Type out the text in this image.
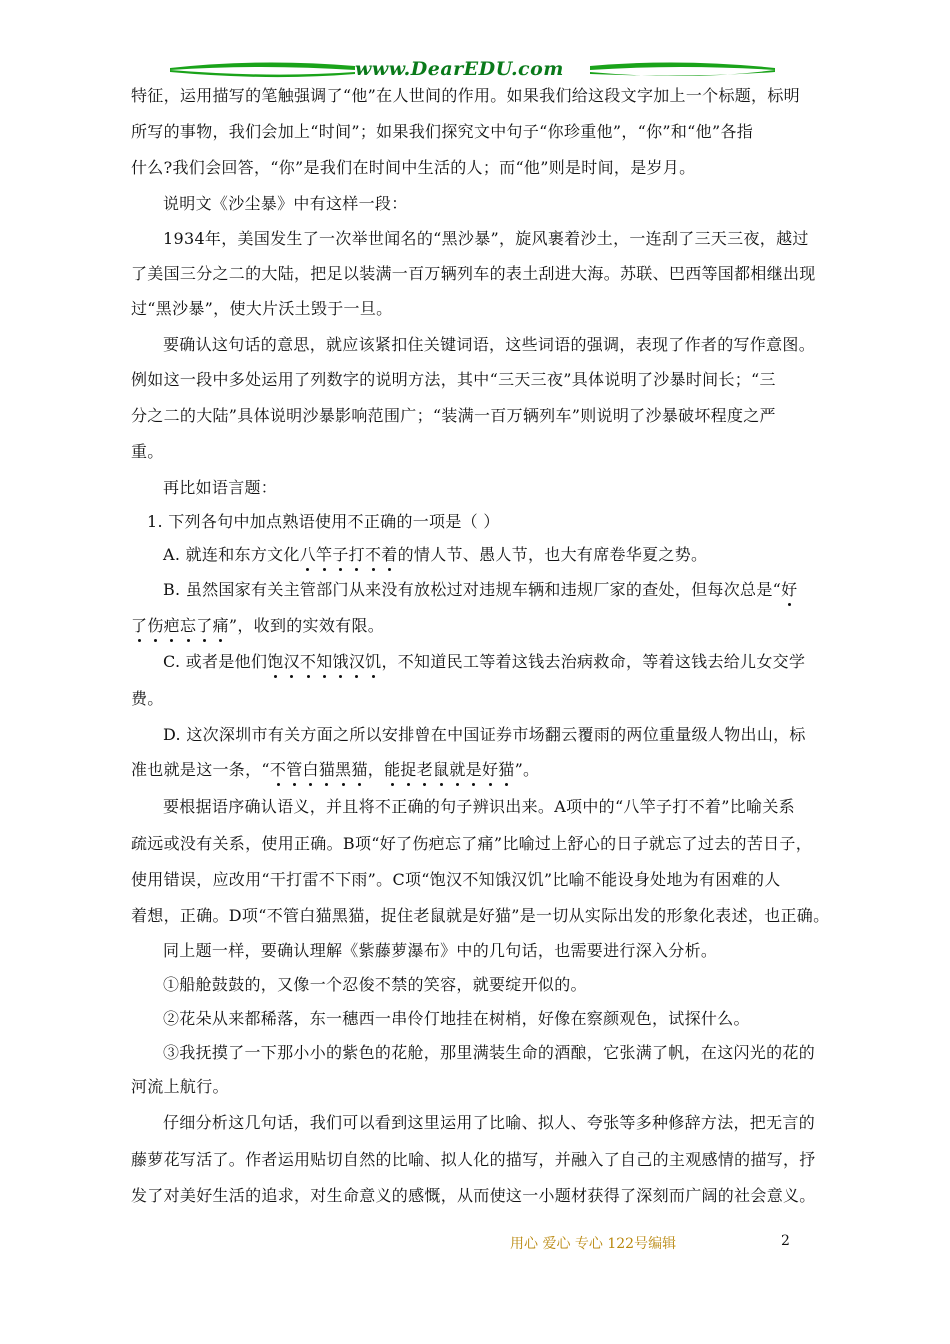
www.DearEDU.com
特征，运用描写的笔触强调了“他”在人世间的作用。如果我们给这段文字加上一个标题，标明
所写的事物，我们会加上“时间”；如果我们探究文中句子“你珍重他”，“你”和“他”各指
什么?我们会回答，“你”是我们在时间中生活的人；而“他”则是时间，是岁月。
说明文《沙尘暴》中有这样一段：
1934年，美国发生了一次举世闻名的“黑沙暴”，旋风裹着沙土，一连刮了三天三夜，越过
了美国三分之二的大陆，把足以装满一百万辆列车的表土刮进大海。苏联、巴西等国都相继出现
过“黑沙暴”，使大片沃土毁于一旦。
要确认这句话的意思，就应该紧扣住关键词语，这些词语的强调，表现了作者的写作意图。
例如这一段中多处运用了列数字的说明方法，其中“三天三夜”具体说明了沙暴时间长；“三
分之二的大陆”具体说明沙暴影响范围广；“装满一百万辆列车”则说明了沙暴破坏程度之严
重。
再比如语言题：
1. 下列各句中加点熟语使用不正确的一项是（ ）
A. 就连和东方文化八竿子打不着的情人节、愚人节，也大有席卷华夏之势。
B. 虽然国家有关主管部门从来没有放松过对违规车辆和违规厂家的查处，但每次总是“好
了伤疤忘了痛”，收到的实效有限。
C. 或者是他们饱汉不知饿汉饥，不知道民工等着这钱去治病救命，等着这钱去给儿女交学
费。
D. 这次深圳市有关方面之所以安排曾在中国证券市场翻云覆雨的两位重量级人物出山，标
准也就是这一条，“不管白猫黑猫，能捉老鼠就是好猫”。
要根据语序确认语义，并且将不正确的句子辨识出来。A项中的“八竿子打不着”比喻关系
疏远或没有关系，使用正确。B项“好了伤疤忘了痛”比喻过上舒心的日子就忘了过去的苦日子，
使用错误，应改用“干打雷不下雨”。C项“饱汉不知饿汉饥”比喻不能设身处地为有困难的人
着想，正确。D项“不管白猫黑猫，捉住老鼠就是好猫”是一切从实际出发的形象化表述，也正确。
同上题一样，要确认理解《紫藤萝瀑布》中的几句话，也需要进行深入分析。
①船舱鼓鼓的，又像一个忍俊不禁的笑容，就要绽开似的。
②花朵从来都稀落，东一穗西一串伶仃地挂在树梢，好像在察颜观色，试探什么。
③我抚摸了一下那小小的紫色的花舱，那里满装生命的酒酿，它张满了帆，在这闪光的花的
河流上航行。
仔细分析这几句话，我们可以看到这里运用了比喻、拟人、夸张等多种修辞方法，把无言的
藤萝花写活了。作者运用贴切自然的比喻、拟人化的描写，并融入了自己的主观感情的描写，抒
发了对美好生活的追求，对生命意义的感慨，从而使这一小题材获得了深刻而广阔的社会意义。
用心 爱心 专心 122号编辑	2
